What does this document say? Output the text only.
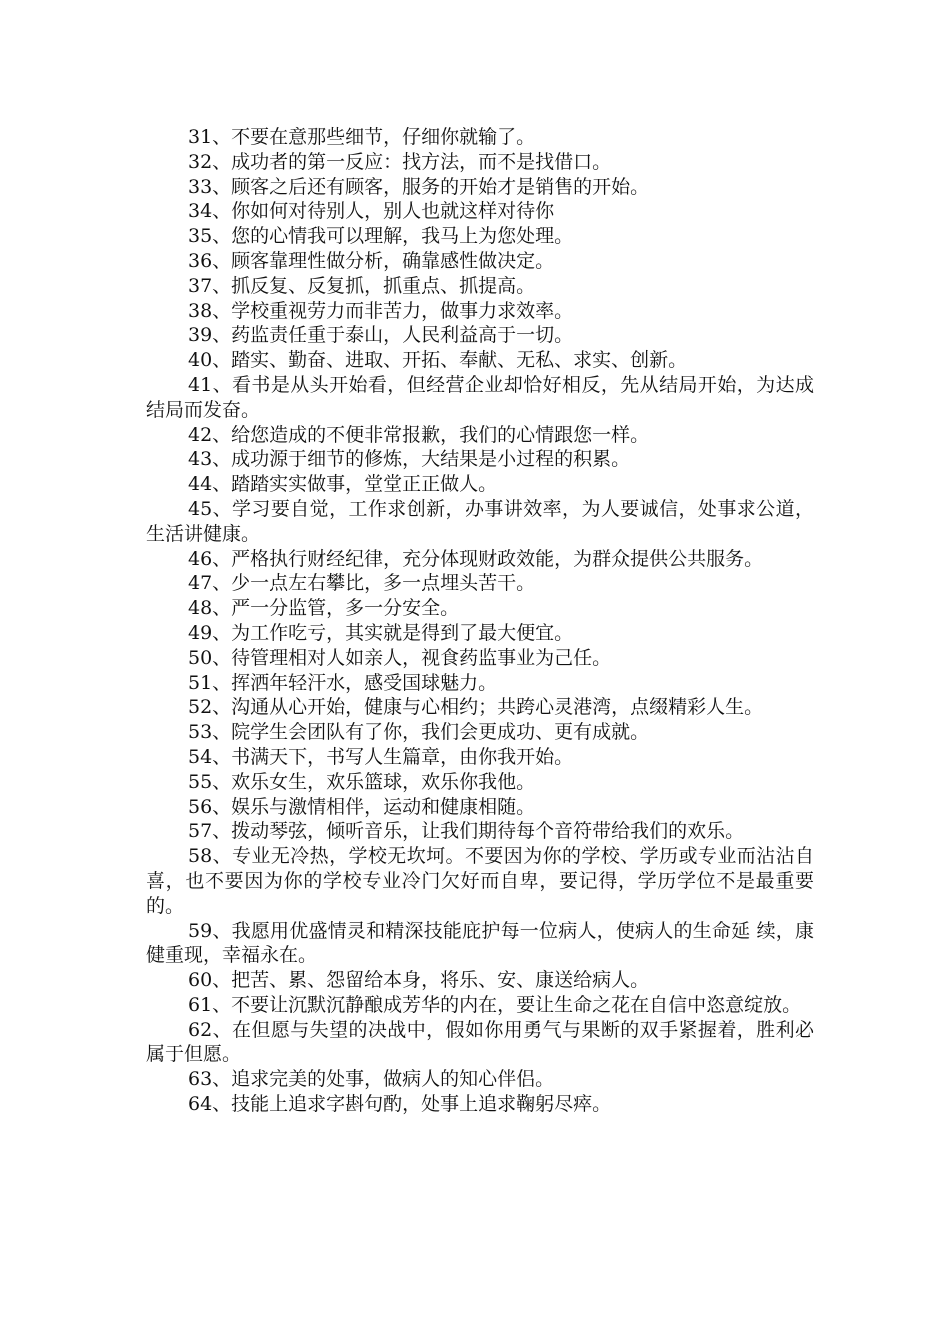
31、不要在意那些细节，仔细你就输了。

32、成功者的第一反应：找方法，而不是找借口。

33、顾客之后还有顾客，服务的开始才是销售的开始。

34、你如何对待别人，别人也就这样对待你

35、您的心情我可以理解，我马上为您处理。

36、顾客靠理性做分析，确靠感性做决定。

37、抓反复、反复抓，抓重点、抓提高。

38、学校重视劳力而非苦力，做事力求效率。

39、药监责任重于泰山，人民利益高于一切。

40、踏实、勤奋、进取、开拓、奉献、无私、求实、创新。

41、看书是从头开始看，但经营企业却恰好相反，先从结局开始，为达成结局而发奋。

42、给您造成的不便非常报歉，我们的心情跟您一样。

43、成功源于细节的修炼，大结果是小过程的积累。

44、踏踏实实做事，堂堂正正做人。

45、学习要自觉，工作求创新，办事讲效率，为人要诚信，处事求公道，生活讲健康。

46、严格执行财经纪律，充分体现财政效能，为群众提供公共服务。

47、少一点左右攀比，多一点埋头苦干。

48、严一分监管，多一分安全。

49、为工作吃亏，其实就是得到了最大便宜。

50、待管理相对人如亲人，视食药监事业为己任。

51、挥洒年轻汗水，感受国球魅力。

52、沟通从心开始，健康与心相约；共跨心灵港湾，点缀精彩人生。

53、院学生会团队有了你，我们会更成功、更有成就。

54、书满天下，书写人生篇章，由你我开始。

55、欢乐女生，欢乐篮球，欢乐你我他。

56、娱乐与激情相伴，运动和健康相随。

57、拨动琴弦，倾听音乐，让我们期待每个音符带给我们的欢乐。

58、专业无冷热，学校无坎坷。不要因为你的学校、学历或专业而沾沾自喜，也不要因为你的学校专业冷门欠好而自卑，要记得，学历学位不是最重要的。

59、我愿用优盛情灵和精深技能庇护每一位病人，使病人的生命延 续，康健重现，幸福永在。

60、把苦、累、怨留给本身，将乐、安、康送给病人。

61、不要让沉默沉静酿成芳华的内在，要让生命之花在自信中恣意绽放。

62、在但愿与失望的决战中，假如你用勇气与果断的双手紧握着，胜利必属于但愿。

63、追求完美的处事，做病人的知心伴侣。

64、技能上追求字斟句酌，处事上追求鞠躬尽瘁。
